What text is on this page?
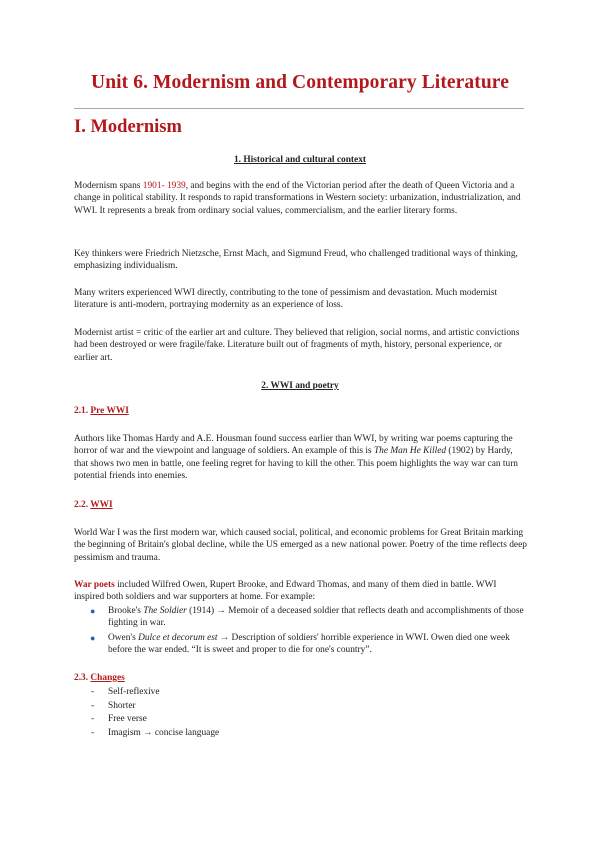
Unit 6. Modernism and Contemporary Literature
I. Modernism
1. Historical and cultural context

Modernism spans 1901- 1939, and begins with the end of the Victorian period after the death of Queen Victoria and a change in political stability. It responds to rapid transformations in Western society: urbanization, industrialization, and WWI. It represents a break from ordinary social values, commercialism, and the earlier literary forms.

Key thinkers were Friedrich Nietzsche, Ernst Mach, and Sigmund Freud, who challenged traditional ways of thinking, emphasizing individualism.

Many writers experienced WWI directly, contributing to the tone of pessimism and devastation. Much modernist literature is anti-modern, portraying modernity as an experience of loss.

Modernist artist = critic of the earlier art and culture. They believed that religion, social norms, and artistic convictions had been destroyed or were fragile/fake. Literature built out of fragments of myth, history, personal experience, or earlier art.

2. WWI and poetry
2.1. Pre WWI

Authors like Thomas Hardy and A.E. Housman found success earlier than WWI, by writing war poems capturing the horror of war and the viewpoint and language of soldiers. An example of this is The Man He Killed (1902) by Hardy, that shows two men in battle, one feeling regret for having to kill the other. This poem highlights the way war can turn potential friends into enemies.

2.2. WWI

World War I was the first modern war, which caused social, political, and economic problems for Great Britain marking the beginning of Britain's global decline, while the US emerged as a new national power. Poetry of the time reflects deep pessimism and trauma.

War poets included Wilfred Owen, Rupert Brooke, and Edward Thomas, and many of them died in battle. WWI inspired both soldiers and war supporters at home. For example:

● Brooke's The Soldier (1914) → Memoir of a deceased soldier that reflects death and accomplishments of those fighting in war.
● Owen's Dulce et decorum est → Description of soldiers' horrible experience in WWI. Owen died one week before the war ended. “It is sweet and proper to die for one's country”.
2.3. Changes
- Self-reflexive
- Shorter
- Free verse
- Imagism → concise language
